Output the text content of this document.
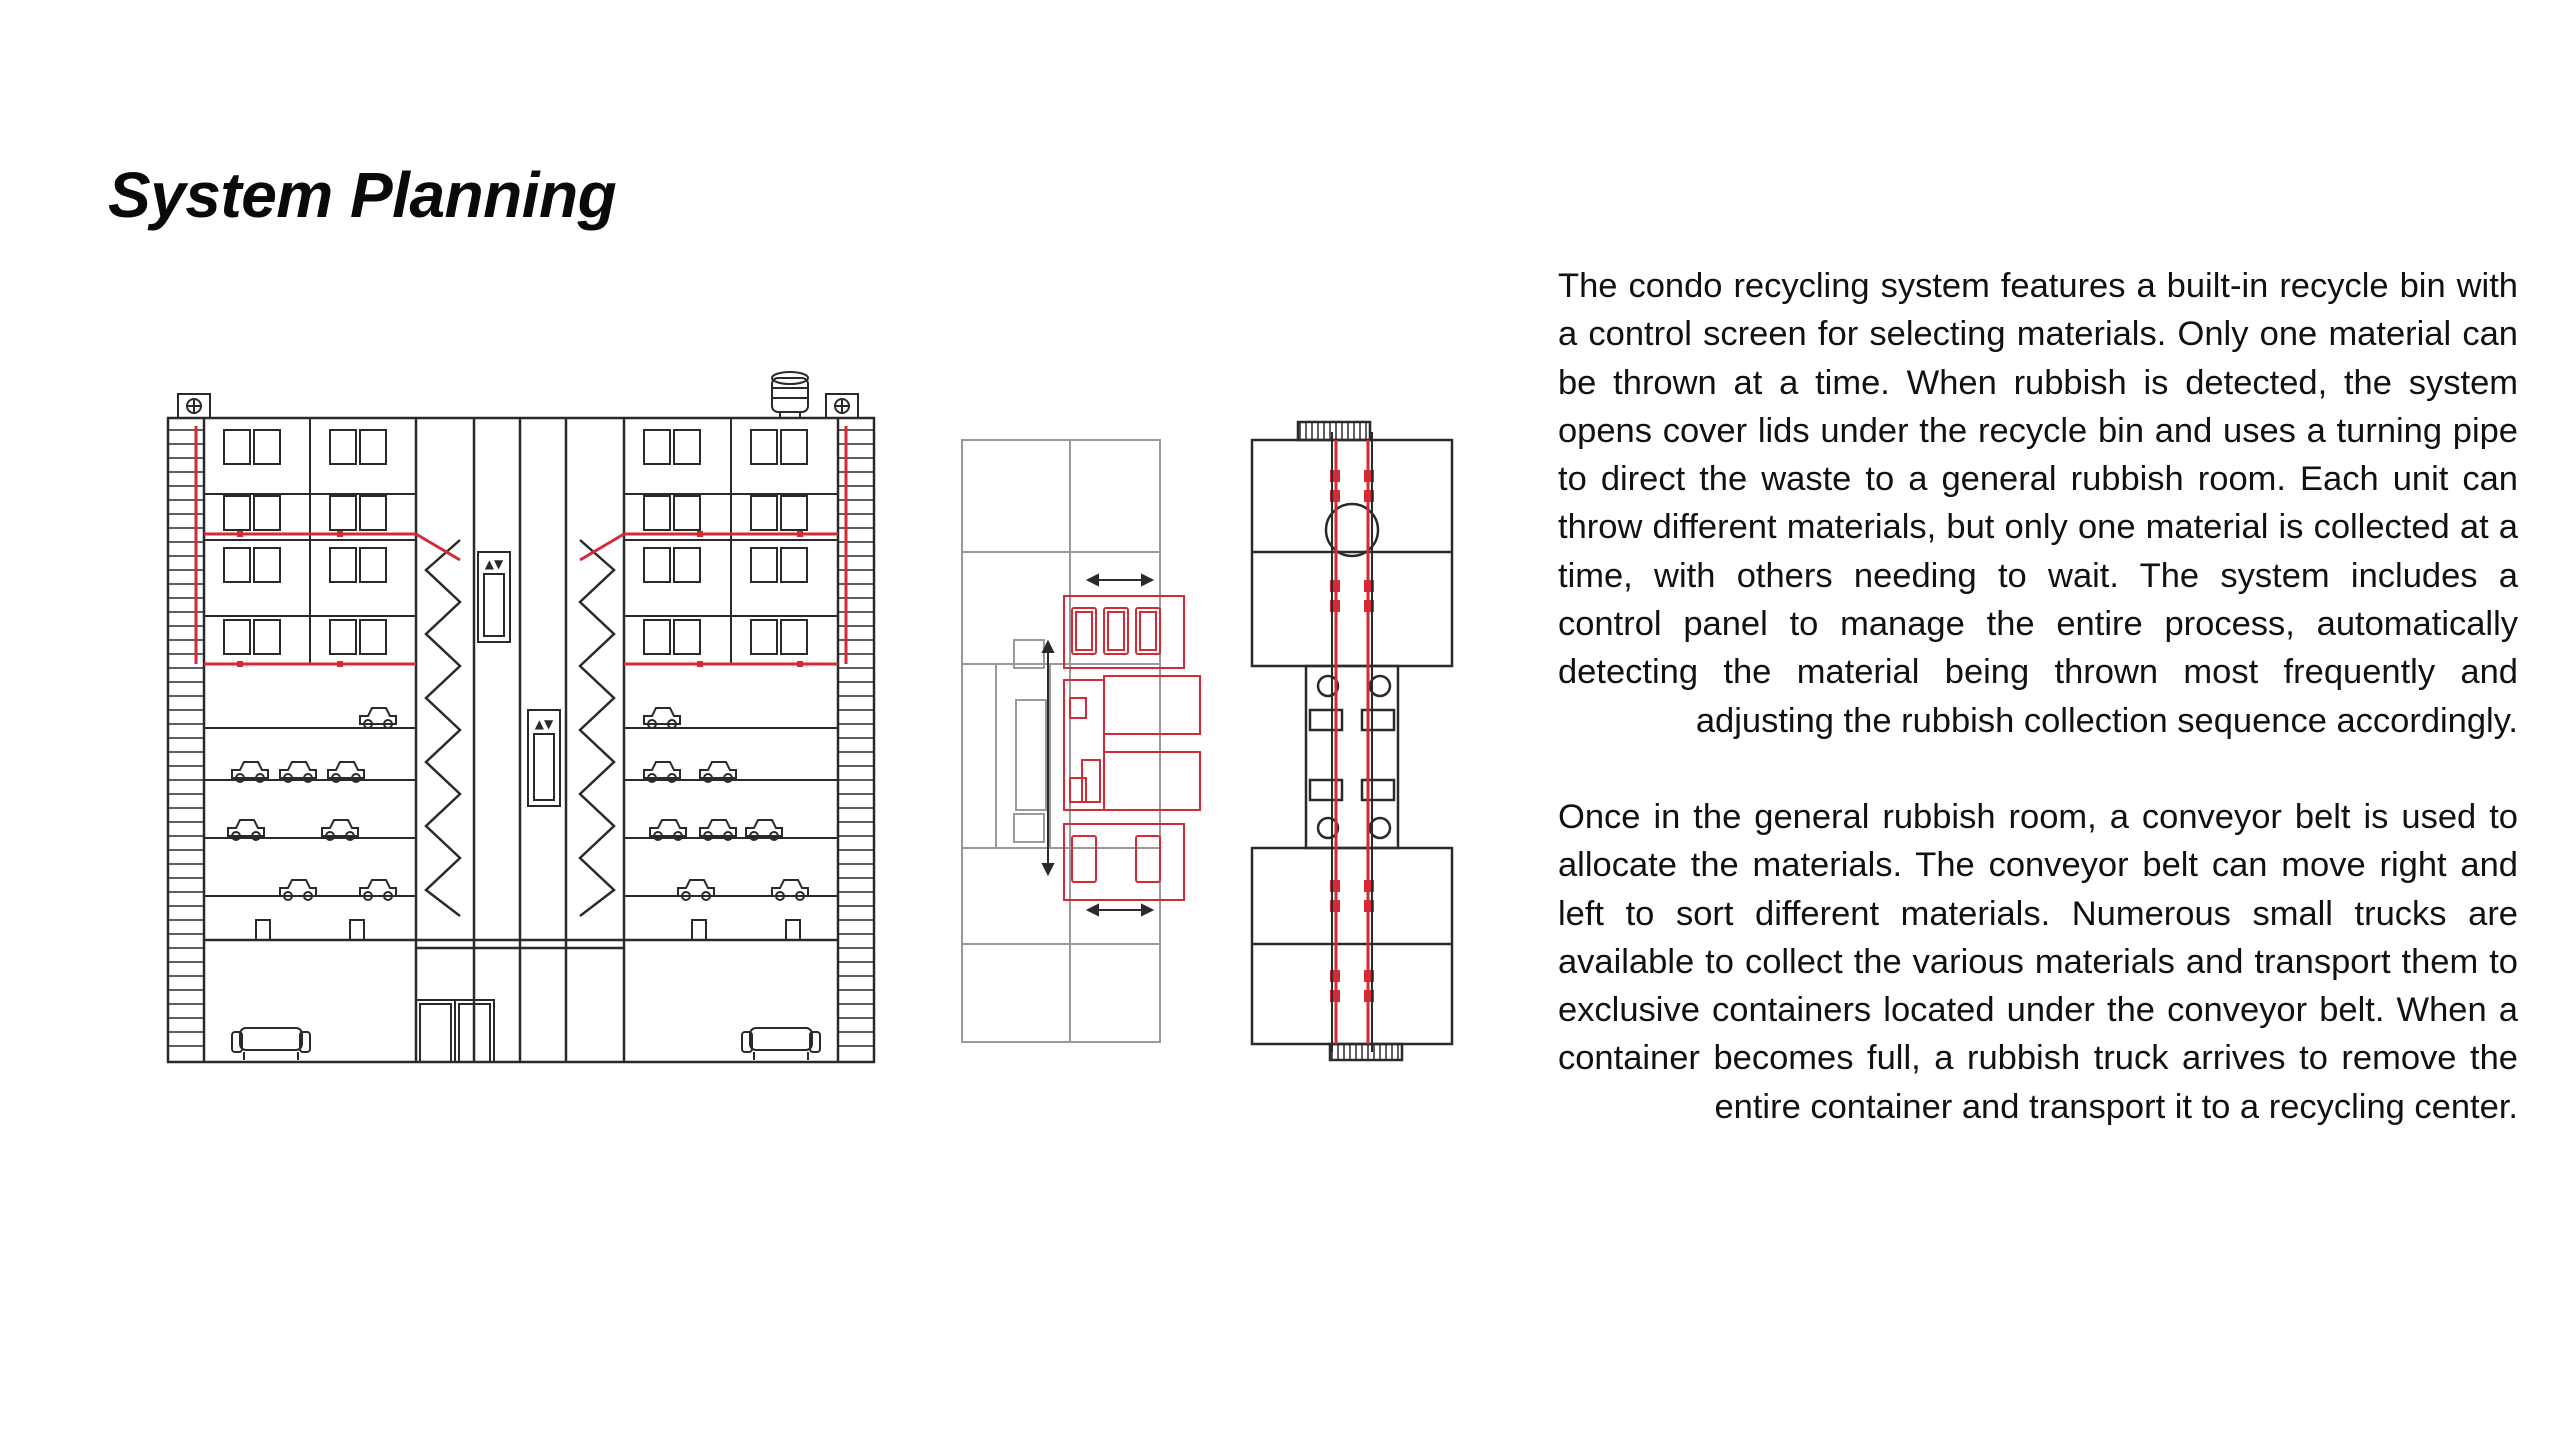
System Planning
▲▼
▲▼

The condo recycling system features a built-in recycle bin with a control screen for selecting materials. Only one material can be thrown at a time. When rubbish is detected, the system opens cover lids under the recycle bin and uses a turning pipe to direct the waste to a general rubbish room. Each unit can throw different materials, but only one material is collected at a time, with others needing to wait. The system includes a control panel to manage the entire process, automatically detecting the material being thrown most frequently and adjusting the rubbish collection sequence accordingly.

Once in the general rubbish room, a conveyor belt is used to allocate the materials. The conveyor belt can move right and left to sort different materials. Numerous small trucks are available to collect the various materials and transport them to exclusive containers located under the conveyor belt. When a container becomes full, a rubbish truck arrives to remove the entire container and transport it to a recycling center.
